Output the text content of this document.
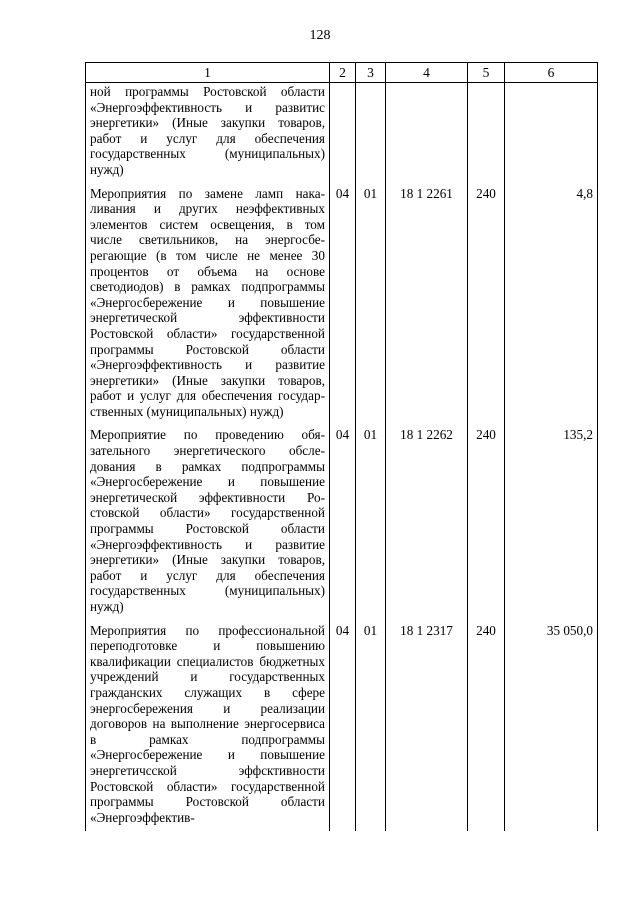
128
1	2	3	4	5	6
ной программы Ростовской области «Энергоэффективность и развитис энергетики» (Иные закупки товаров, работ и услуг для обеспечения государственных (муниципальных) нужд)					
Мероприятия по замене ламп накаливания и других неэффективных элементов систем освещения, в том числе светильников, на энергосберегающие (в том числе не менее 30 процентов от объема на основе светодиодов) в рамках подпрограммы «Энергосбережение и повышение энергетической эффективности Ростовской области» государственной программы Ростовской области «Энергоэффективность и развитие энергетики» (Иные закупки товаров, работ и услуг для обеспечения государственных (муниципальных) нужд)	04	01	18 1 2261	240	4,8
Мероприятие по проведению обязательного энергетического обследования в рамках подпрограммы «Энергосбережение и повышение энергетической эффективности Ростовской области» государственной программы Ростовской области «Энергоэффективность и развитие энергетики» (Иные закупки товаров, работ и услуг для обеспечения государственных (муниципальных) нужд)	04	01	18 1 2262	240	135,2
Мероприятия по профессиональной переподготовке и повышению квалификации специалистов бюджетных учреждений и государственных гражданских служащих в сфере энергосбережения и реализации договоров на выполнение энергосервиса в рамках подпрограммы «Энергосбережение и повышение энергетичсской эффсктивности Ростовской области» государственной программы Ростовской области «Энергоэффектив-	04	01	18 1 2317	240	35 050,0
